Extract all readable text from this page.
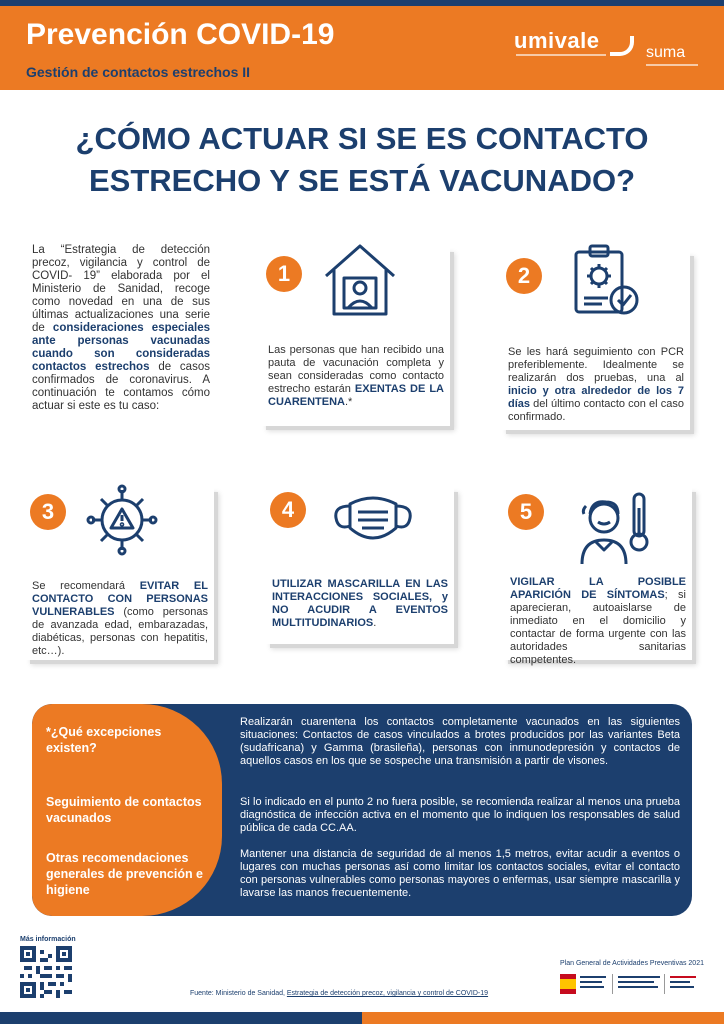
Prevención COVID-19
Gestión de contactos estrechos II
umivale	suma
¿CÓMO ACTUAR SI SE ES CONTACTO
ESTRECHO Y SE ESTÁ VACUNADO?
La “Estrategia de detección precoz, vigilancia y control de COVID- 19” elaborada por el Ministerio de Sanidad, recoge como novedad en una de sus últimas actualizaciones una serie de consideraciones especiales ante personas vacunadas cuando son consideradas contactos estrechos de casos confirmados de coronavirus. A continuación te contamos cómo actuar si este es tu caso:
1
Las personas que han recibido una pauta de vacunación completa y sean consideradas como contacto estrecho estarán EXENTAS DE LA CUARENTENA.*
2
Se les hará seguimiento con PCR preferiblemente. Idealmente se realizarán dos pruebas, una al inicio y otra alrededor de los 7 días del último contacto con el caso confirmado.
3
Se recomendará EVITAR EL CONTACTO CON PERSONAS VULNERABLES (como personas de avanzada edad, embarazadas, diabéticas, personas con hepatitis, etc…).
4
UTILIZAR MASCARILLA EN LAS INTERACCIONES SOCIALES, y NO ACUDIR A EVENTOS MULTITUDINARIOS.
5
VIGILAR LA POSIBLE APARICIÓN DE SÍNTOMAS; si aparecieran, autoaislarse de inmediato en el domicilio y contactar de forma urgente con las autoridades sanitarias competentes.
*¿Qué excepciones existen?
Seguimiento de contactos vacunados
Otras recomendaciones generales de prevención e higiene
Realizarán cuarentena los contactos completamente vacunados en las siguientes situaciones: Contactos de casos vinculados a brotes producidos por las variantes Beta (sudafricana) y Gamma (brasileña), personas con inmunodepresión y contactos de aquellos casos en los que se sospeche una transmisión a partir de visones.
Si lo indicado en el punto 2 no fuera posible, se recomienda realizar al menos una prueba diagnóstica de infección activa en el momento que lo indiquen los responsables de salud pública de cada CC.AA.
Mantener una distancia de seguridad de al menos 1,5 metros, evitar acudir a eventos o lugares con muchas personas así como limitar los contactos sociales, evitar el contacto con personas vulnerables como personas mayores o enfermas, usar siempre mascarilla y lavarse las manos frecuentemente.
Más información
Fuente: Ministerio de Sanidad, Estrategia de detección precoz, vigilancia y control de COVID-19
Plan General de Actividades Preventivas 2021
